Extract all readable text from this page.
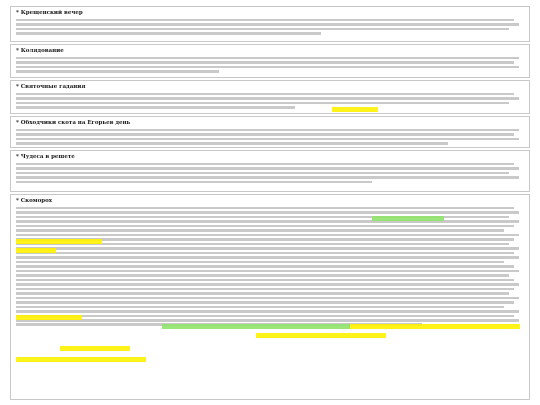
* Крещенский вечер
* Колядование
* Святочные гадания
* Обходчики скота на Егорьев день
* Чудеса в решете
* Скоморох
